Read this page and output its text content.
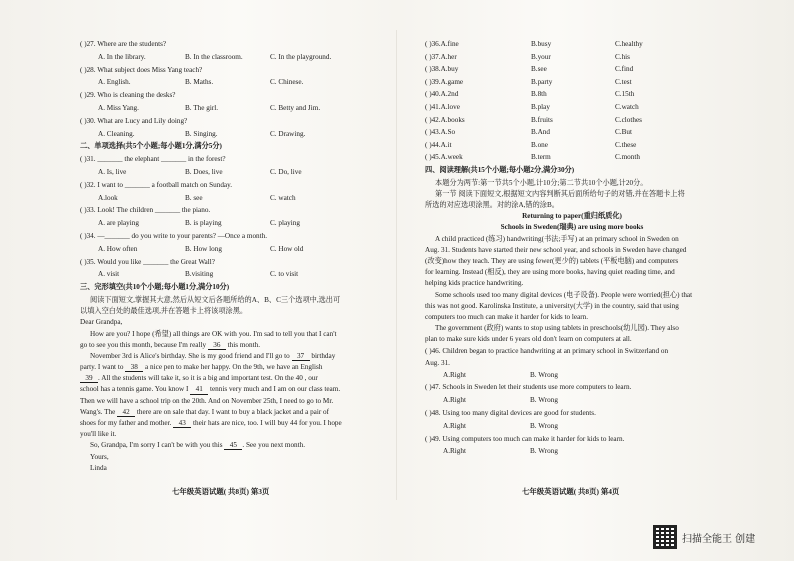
( )27. Where are the students?
A. In the library.	B. In the classroom.	C. In the playground.
( )28. What subject does Miss Yang teach?
A. English.	B. Maths.	C. Chinese.
( )29. Who is cleaning the desks?
A. Miss Yang.	B. The girl.	C. Betty and Jim.
( )30. What are Lucy and Lily doing?
A. Cleaning.	B. Singing.	C. Drawing.
二、单项选择(共5个小题;每小题1分,满分5分)
( )31. _______ the elephant _______ in the forest?
A. Is, live	B. Does, live	C. Do, live
( )32. I want to _______ a football match on Sunday.
A.look	B. see	C. watch
( )33. Look! The children _______ the piano.
A. are playing	B. is playing	C. playing
( )34. —_______ do you write to your parents? —Once a month.
A. How often	B. How long	C. How old
( )35. Would you like _______ the Great Wall?
A. visit	B.visiting	C. to visit
三、完形填空(共10个小题;每小题1分,满分10分)
阅读下面短文,掌握其大意,然后从短文后各题所给的A、B、C三个选项中,选出可
以填入空白处的最佳选项,并在答题卡上将该项涂黑。
Dear Grandpa,
How are you? I hope (希望) all things are OK with you. I'm sad to tell you that I can't
go to see you this month, because I'm really 36 this month.
November 3rd is Alice's birthday. She is my good friend and I'll go to 37 birthday
party. I want to 38 a nice pen to make her happy. On the 9th, we have an English
39 . All the students will take it, so it is a big and important test. On the 40 , our
school has a tennis game. You know I 41 tennis very much and I am on our class team.
Then we will have a school trip on the 20th. And on November 25th, I need to go to Mr.
Wang's. The 42 there are on sale that day. I want to buy a black jacket and a pair of
shoes for my father and mother. 43 their hats are nice, too. I will buy 44 for you. I hope
you'll like it.
So, Grandpa, I'm sorry I can't be with you this 45 . See you next month.
Yours,
Linda
七年级英语试题( 共8页) 第3页
( )36.A.fine	B.busy	C.healthy
( )37.A.her	B.your	C.his
( )38.A.buy	B.see	C.find
( )39.A.game	B.party	C.test
( )40.A.2nd	B.8th	C.15th
( )41.A.love	B.play	C.watch
( )42.A.books	B.fruits	C.clothes
( )43.A.So	B.And	C.But
( )44.A.it	B.one	C.these
( )45.A.week	B.term	C.month
四、阅读理解(共15个小题;每小题2分,满分30分)
本题分为两节:第一节共5个小题,计10分;第二节共10个小题,计20分。
第一节 阅读下面短文,根据短文内容判断其后面所给句子的对错,并在答题卡上将
所选的对应选项涂黑。对的涂A,错的涂B。
Returning to paper(重归纸质化)
Schools in Sweden(瑞典) are using more books
A child practiced (练习) handwriting(书法;手写) at an primary school in Sweden on
Aug. 31. Students have started their new school year, and schools in Sweden have changed
(改变)how they teach. They are using fewer(更少的) tablets (平板电脑) and computers
for learning. Instead (相反), they are using more books, having quiet reading time, and
helping kids practice handwriting.
Some schools used too many digital devices (电子设备). People were worried(担心) that
this was not good. Karolinska Institute, a university(大学) in the country, said that using
computers too much can make it harder for kids to learn.
The government (政府) wants to stop using tablets in preschools(幼儿园). They also
plan to make sure kids under 6 years old don't learn on computers at all.
( )46. Children began to practice handwriting at an primary school in Switzerland on
Aug. 31.
A.Right	B. Wrong
( )47. Schools in Sweden let their students use more computers to learn.
A.Right	B. Wrong
( )48. Using too many digital devices are good for students.
A.Right	B. Wrong
( )49. Using computers too much can make it harder for kids to learn.
A.Right	B. Wrong
七年级英语试题( 共8页) 第4页
扫描全能王 创建
